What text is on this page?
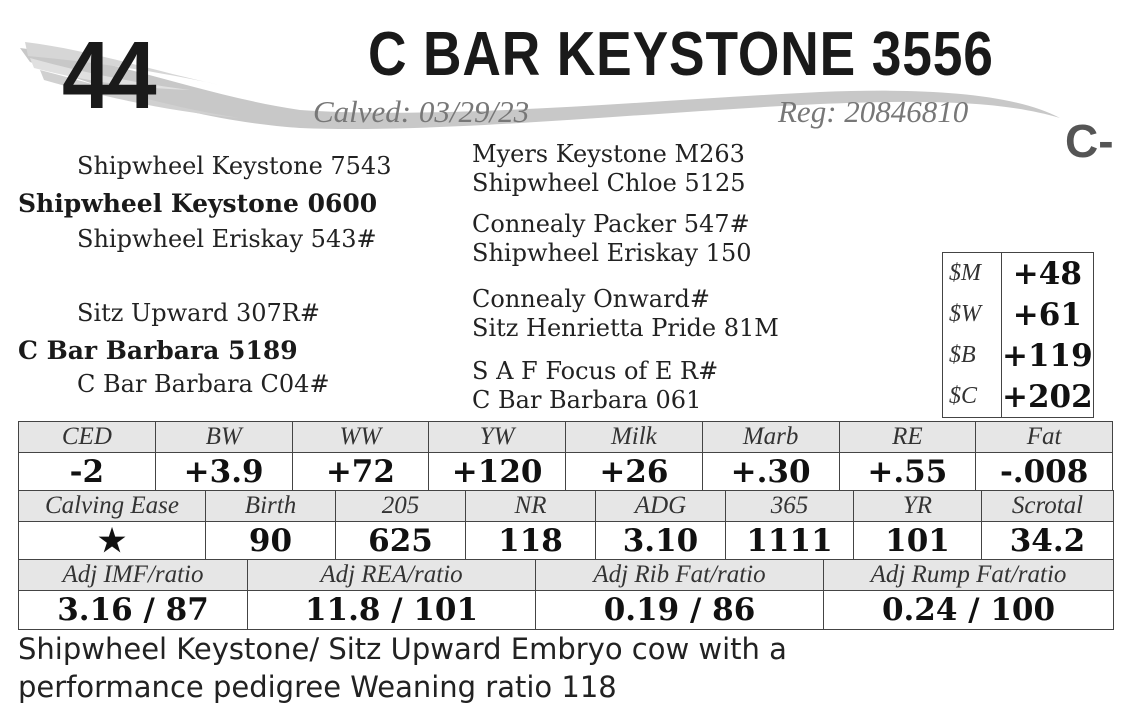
44	C BAR KEYSTONE 3556
Calved: 03/29/23	Reg: 20846810
C-
Shipwheel Keystone 7543
Shipwheel Keystone 0600
Shipwheel Eriskay 543#
Sitz Upward 307R#
C Bar Barbara 5189
C Bar Barbara C04#
Myers Keystone M263
Shipwheel Chloe 5125
Connealy Packer 547#
Shipwheel Eriskay 150
Connealy Onward#
Sitz Henrietta Pride 81M
S A F Focus of E R#
C Bar Barbara 061
$M	+48
$W	+61
$B	+119
$C	+202
CED	BW	WW	YW	Milk	Marb	RE	Fat
-2	+3.9	+72	+120	+26	+.30	+.55	-.008
Calving Ease	Birth	205	NR	ADG	365	YR	Scrotal
★	90	625	118	3.10	1111	101	34.2
Adj IMF/ratio	Adj REA/ratio	Adj Rib Fat/ratio	Adj Rump Fat/ratio
3.16 / 87	11.8 / 101	0.19 / 86	0.24 / 100
Shipwheel Keystone/ Sitz Upward Embryo cow with a
performance pedigree Weaning ratio 118
